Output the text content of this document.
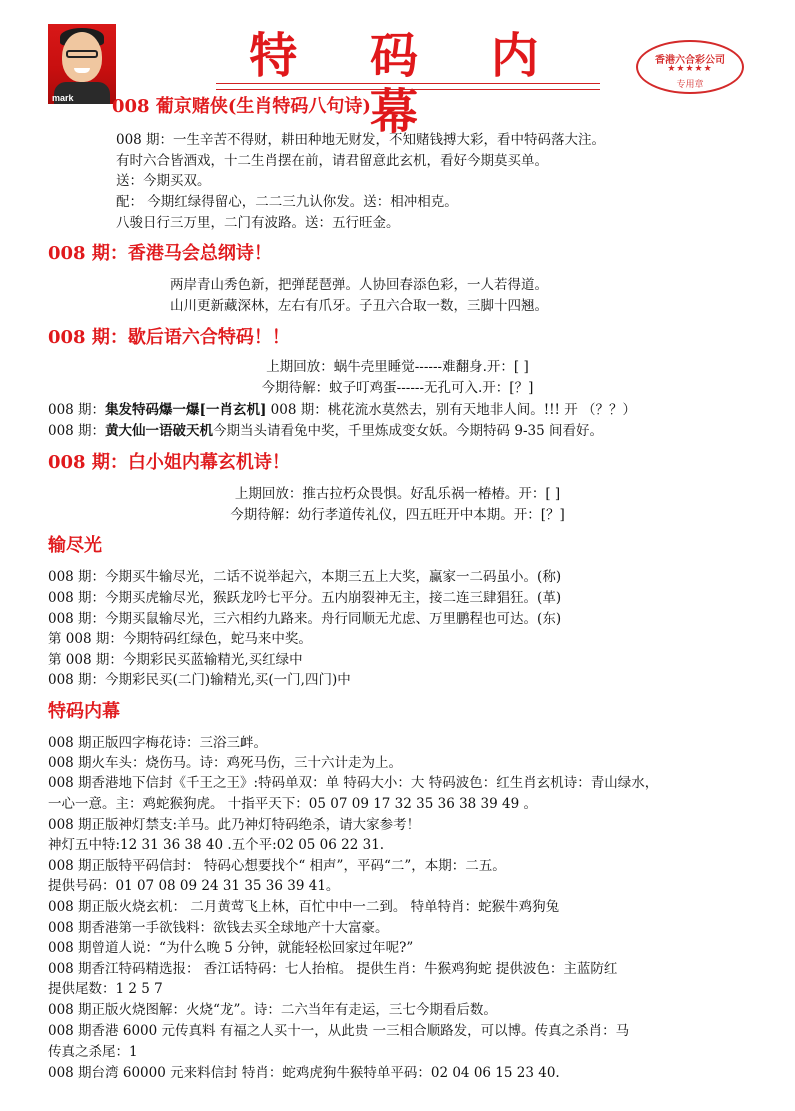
mark
特 码 内 幕
香港六合彩公司
★★★★★
专用章
008 葡京赌侠(生肖特码八句诗)
008 期：一生辛苦不得财，耕田种地无财发，不知赌钱搏大彩，看中特码落大注。
有时六合皆酒戏，十二生肖摆在前，请君留意此玄机，看好今期莫买单。
送：今期买双。
配： 今期红绿得留心，二二三九认你发。送：相冲相克。
八骏日行三万里，二门有波路。送：五行旺金。
008 期：香港马会总纲诗！
两岸青山秀色新，把弹琵琶弹。人协回春添色彩，一人若得道。
山川更新藏深林，左右有爪牙。子丑六合取一数，三脚十四翘。
008 期：歇后语六合特码！！
上期回放：蜗牛壳里睡觉------难翻身.开：[ ]
今期待解：蚊子叮鸡蛋------无孔可入.开：[？]
008 期：集发特码爆一爆[一肖玄机] 008 期：桃花流水莫然去，别有天地非人间。!!! 开 （？？）
008 期：黄大仙一语破天机今期当头请看兔中奖，千里炼成变女妖。今期特码 9-35 间看好。
008 期：白小姐内幕玄机诗！
上期回放：推古拉朽众畏惧。好乱乐祸一椿椿。开：[ ]
今期待解：幼行孝道传礼仪，四五旺开中本期。开：[？]
输尽光
008 期：今期买牛输尽光，二话不说举起六，本期三五上大奖，赢家一二码虽小。(称)
008 期：今期买虎输尽光，猴跃龙吟七平分。五内崩裂神无主，接二连三肆猖狂。(革)
008 期：今期买鼠输尽光，三六相约九路来。舟行同顺无尤虑、万里鹏程也可达。(东)
第 008 期：今期特码红绿色，蛇马来中奖。
第 008 期：今期彩民买蓝输精光,买红绿中
008 期：今期彩民买(二门)输精光,买(一门,四门)中
特码内幕
008 期正版四字梅花诗：三浴三衅。
008 期火车头：烧伤马。诗：鸡死马伤，三十六计走为上。
008 期香港地下信封《千王之王》:特码单双：单 特码大小：大 特码波色：红生肖玄机诗：青山绿水，
一心一意。主：鸡蛇猴狗虎。 十指平天下：05 07 09 17 32 35 36 38 39 49 。
008 期正版神灯禁支:羊马。此乃神灯特码绝杀，请大家参考！
神灯五中特:12 31 36 38 40 .五个平:02 05 06 22 31.
008 期正版特平码信封： 特码心想要找个“ 相声”，平码“二”，本期：二五。
提供号码：01 07 08 09 24 31 35 36 39 41。
008 期正版火烧玄机： 二月黄莺飞上林，百忙中中一二到。 特单特肖：蛇猴牛鸡狗兔
008 期香港第一手欲钱料：欲钱去买全球地产十大富豪。
008 期曾道人说：“为什么晚 5 分钟，就能轻松回家过年呢?”
008 期香江特码精选报： 香江话特码：七人抬棺。 提供生肖：牛猴鸡狗蛇 提供波色：主蓝防红
提供尾数：1 2 5 7
008 期正版火烧图解：火烧“龙”。诗：二六当年有走运，三七今期看后数。
008 期香港 6000 元传真料 有福之人买十一，从此贵 一三相合顺路发，可以博。传真之杀肖：马
传真之杀尾：1
008 期台湾 60000 元来料信封 特肖：蛇鸡虎狗牛猴特单平码：02 04 06 15 23 40.
